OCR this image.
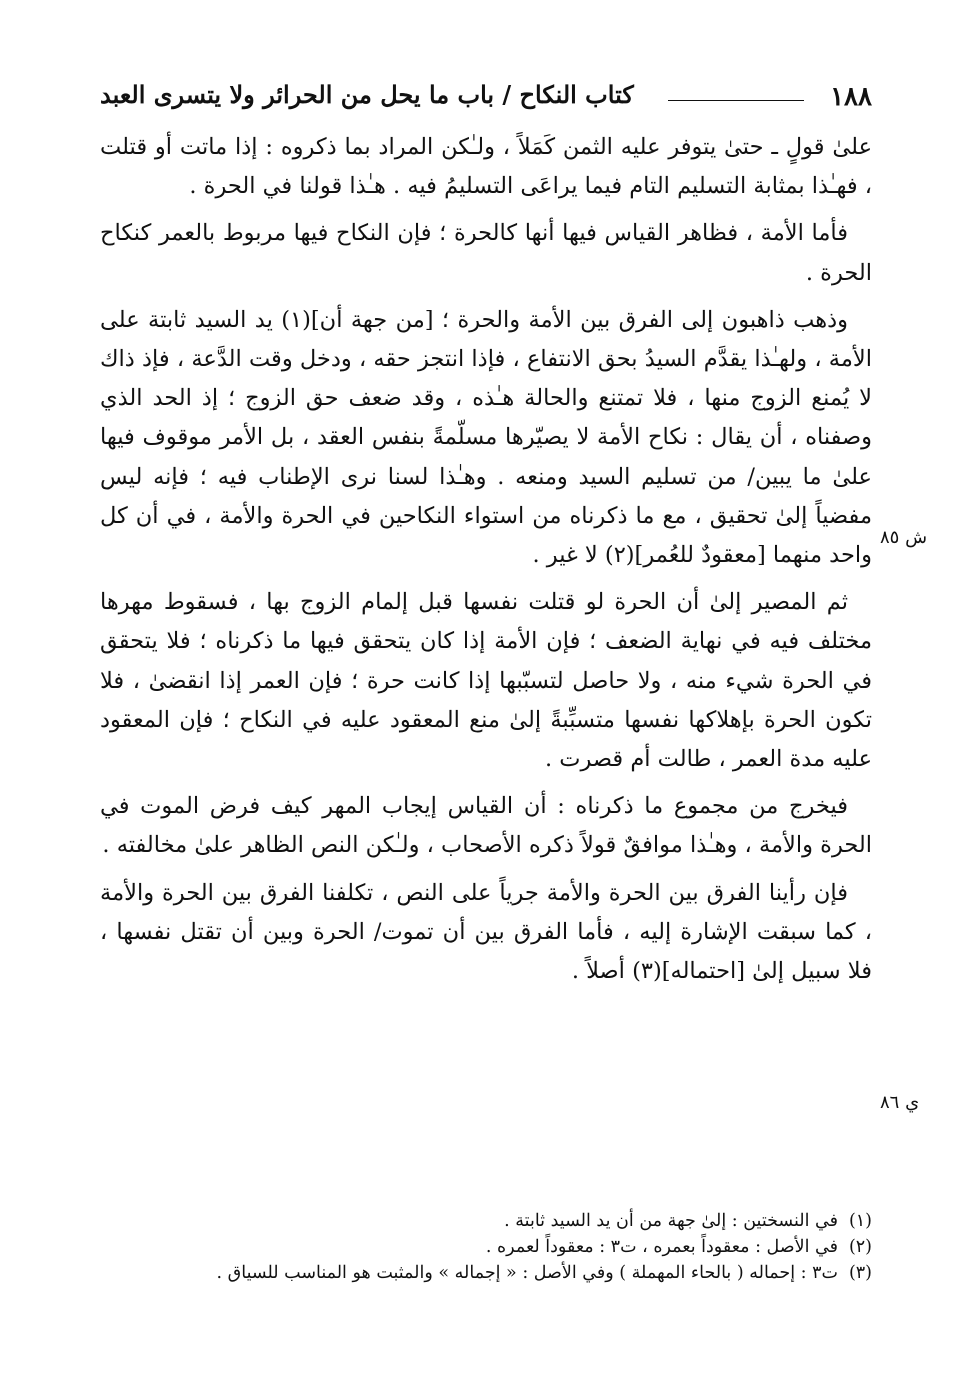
١٨٨
كتاب النكاح / باب ما يحل من الحرائر ولا يتسرى العبد

علىٰ قولٍ ـ حتىٰ يتوفر عليه الثمن كَمَلاً ، ولـٰكن المراد بما ذكروه : إذا ماتت أو قتلت ، فهـٰذا بمثابة التسليم التام فيما يراعَى التسليمُ فيه . هـٰذا قولنا في الحرة .

فأما الأمة ، فظاهر القياس فيها أنها كالحرة ؛ فإن النكاح فيها مربوط بالعمر كنكاح الحرة .

وذهب ذاهبون إلى الفرق بين الأمة والحرة ؛ [من جهة أن](١) يد السيد ثابتة على الأمة ، ولهـٰذا يقدَّم السيدُ بحق الانتفاع ، فإذا انتجز حقه ، ودخل وقت الدَّعة ، فإذ ذاك لا يُمنع الزوج منها ، فلا تمتنع والحالة هـٰذه ، وقد ضعف حق الزوج ؛ إذ الحد الذي وصفناه ، أن يقال : نكاح الأمة لا يصيّرها مسلّمةً بنفس العقد ، بل الأمر موقوف فيها علىٰ ما يبين/ من تسليم السيد ومنعه . وهـٰذا لسنا نرى الإطناب فيه ؛ فإنه ليس مفضياً إلىٰ تحقيق ، مع ما ذكرناه من استواء النكاحين في الحرة والأمة ، في أن كل واحد منهما [معقودٌ للعُمر](٢) لا غير .

ثم المصير إلىٰ أن الحرة لو قتلت نفسها قبل إلمام الزوج بها ، فسقوط مهرها مختلف فيه في نهاية الضعف ؛ فإن الأمة إذا كان يتحقق فيها ما ذكرناه ؛ فلا يتحقق في الحرة شيء منه ، ولا حاصل لتسبّبها إذا كانت حرة ؛ فإن العمر إذا انقضىٰ ، فلا تكون الحرة بإهلاكها نفسها متسبِّبةً إلىٰ منع المعقود عليه في النكاح ؛ فإن المعقود عليه مدة العمر ، طالت أم قصرت .

فيخرج من مجموع ما ذكرناه : أن القياس إيجاب المهر كيف فرض الموت في الحرة والأمة ، وهـٰذا موافقٌ قولاً ذكره الأصحاب ، ولـٰكن النص الظاهر علىٰ مخالفته .

فإن رأينا الفرق بين الحرة والأمة جرياً على النص ، تكلفنا الفرق بين الحرة والأمة ، كما سبقت الإشارة إليه ، فأما الفرق بين أن تموت/ الحرة وبين أن تقتل نفسها ، فلا سبيل إلىٰ [احتماله](٣) أصلاً .

ش ٨٥
ي ٨٦
(١)في النسختين : إلىٰ جهة من أن يد السيد ثابتة .
(٢)في الأصل : معقوداً بعمره ، ت٣ : معقوداً لعمره .
(٣)ت٣ : إحماله ( بالحاء المهملة ) وفي الأصل : « إجماله » والمثبت هو المناسب للسياق .
